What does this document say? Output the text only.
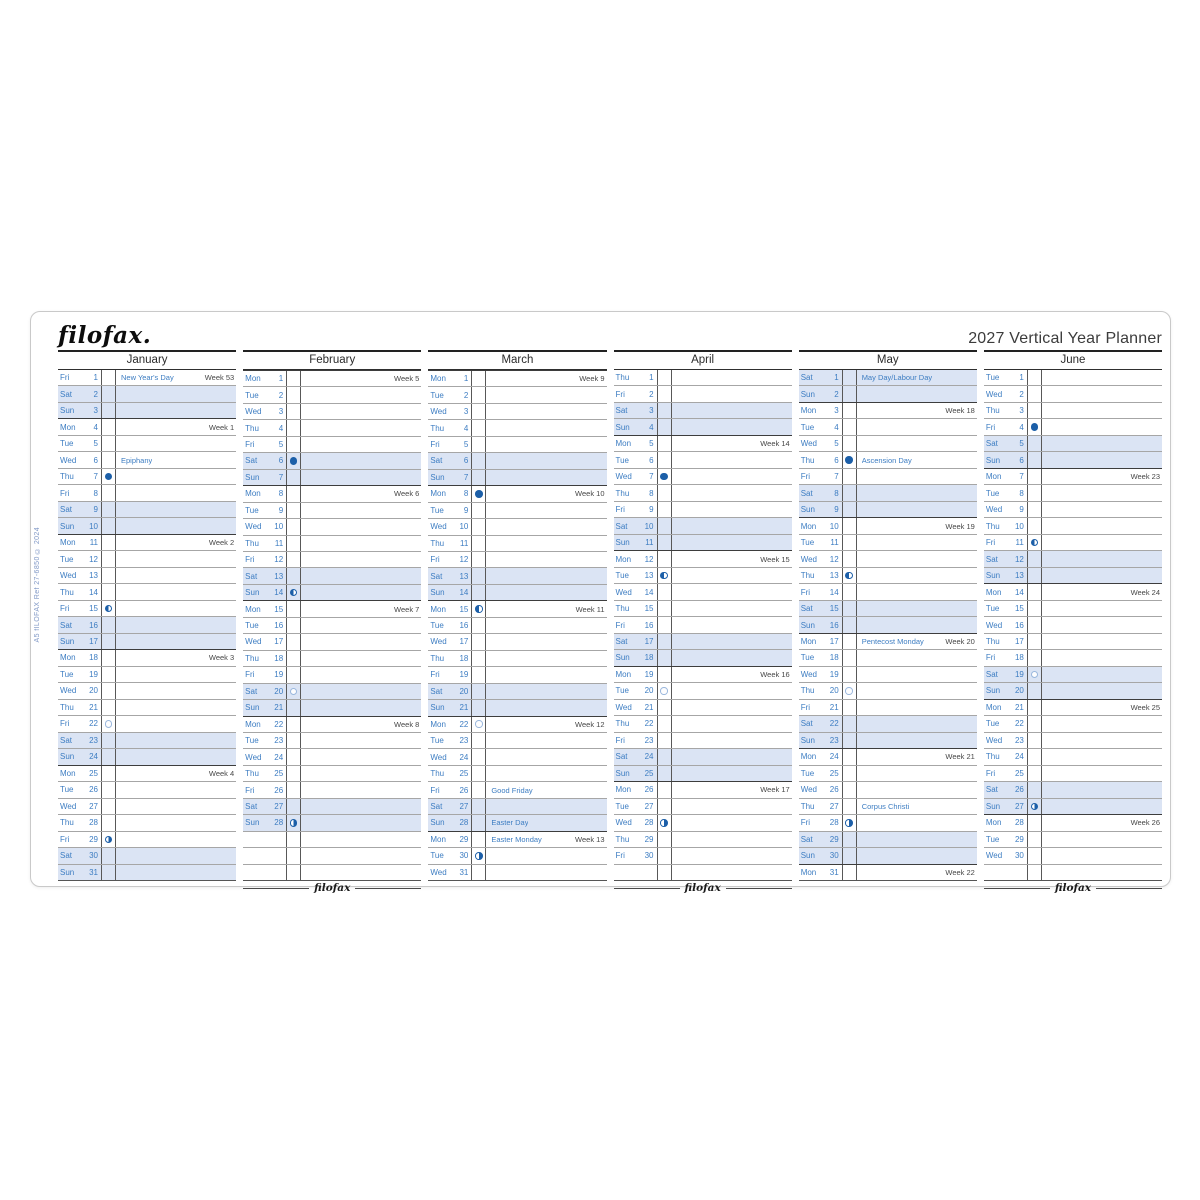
A5 fILOFAX Ref 27-6850 © 2024
filofax.	2027 Vertical Year Planner
January
Fri	1	New Year's Day	Week 53
Sat	2
Sun	3
Mon	4	Week 1
Tue	5
Wed	6	Epiphany
Thu	7
Fri	8
Sat	9
Sun	10
Mon	11	Week 2
Tue	12
Wed	13
Thu	14
Fri	15
Sat	16
Sun	17
Mon	18	Week 3
Tue	19
Wed	20
Thu	21
Fri	22
Sat	23
Sun	24
Mon	25	Week 4
Tue	26
Wed	27
Thu	28
Fri	29
Sat	30
Sun	31
February
Mon	1	Week 5
Tue	2
Wed	3
Thu	4
Fri	5
Sat	6
Sun	7
Mon	8	Week 6
Tue	9
Wed	10
Thu	11
Fri	12
Sat	13
Sun	14
Mon	15	Week 7
Tue	16
Wed	17
Thu	18
Fri	19
Sat	20
Sun	21
Mon	22	Week 8
Tue	23
Wed	24
Thu	25
Fri	26
Sat	27
Sun	28
filofax
March
Mon	1	Week 9
Tue	2
Wed	3
Thu	4
Fri	5
Sat	6
Sun	7
Mon	8	Week 10
Tue	9
Wed	10
Thu	11
Fri	12
Sat	13
Sun	14
Mon	15	Week 11
Tue	16
Wed	17
Thu	18
Fri	19
Sat	20
Sun	21
Mon	22	Week 12
Tue	23
Wed	24
Thu	25
Fri	26	Good Friday
Sat	27
Sun	28	Easter Day
Mon	29	Easter Monday	Week 13
Tue	30
Wed	31
April
Thu	1
Fri	2
Sat	3
Sun	4
Mon	5	Week 14
Tue	6
Wed	7
Thu	8
Fri	9
Sat	10
Sun	11
Mon	12	Week 15
Tue	13
Wed	14
Thu	15
Fri	16
Sat	17
Sun	18
Mon	19	Week 16
Tue	20
Wed	21
Thu	22
Fri	23
Sat	24
Sun	25
Mon	26	Week 17
Tue	27
Wed	28
Thu	29
Fri	30
filofax
May
Sat	1	May Day/Labour Day
Sun	2
Mon	3	Week 18
Tue	4
Wed	5
Thu	6	Ascension Day
Fri	7
Sat	8
Sun	9
Mon	10	Week 19
Tue	11
Wed	12
Thu	13
Fri	14
Sat	15
Sun	16
Mon	17	Pentecost Monday	Week 20
Tue	18
Wed	19
Thu	20
Fri	21
Sat	22
Sun	23
Mon	24	Week 21
Tue	25
Wed	26
Thu	27	Corpus Christi
Fri	28
Sat	29
Sun	30
Mon	31	Week 22
June
Tue	1
Wed	2
Thu	3
Fri	4
Sat	5
Sun	6
Mon	7	Week 23
Tue	8
Wed	9
Thu	10
Fri	11
Sat	12
Sun	13
Mon	14	Week 24
Tue	15
Wed	16
Thu	17
Fri	18
Sat	19
Sun	20
Mon	21	Week 25
Tue	22
Wed	23
Thu	24
Fri	25
Sat	26
Sun	27
Mon	28	Week 26
Tue	29
Wed	30
filofax
